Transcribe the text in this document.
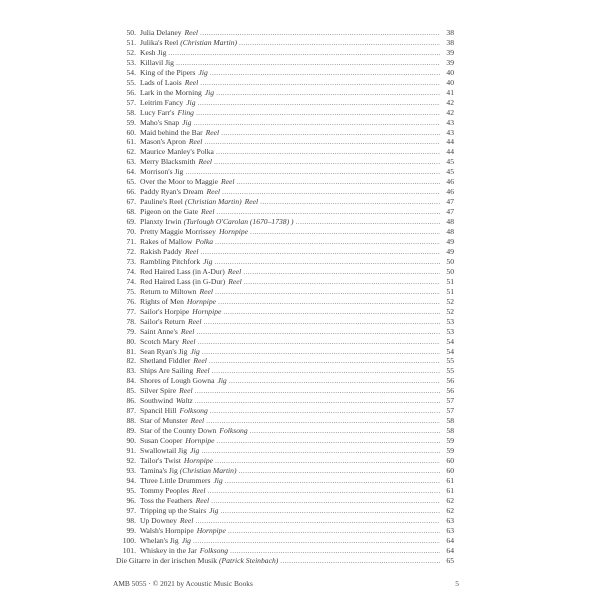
50. Julia Delaney Reel .....	38
51. Julika's Reel (Christian Martin) .....	38
52. Kesh Jig .....	39
53. Killavil Jig .....	39
54. King of the Pipers Jig .....	40
55. Lads of Laois Reel .....	40
56. Lark in the Morning Jig .....	41
57. Leitrim Fancy Jig .....	42
58. Lucy Farr's Fling .....	42
59. Maho's Snap Jig .....	43
60. Maid behind the Bar Reel .....	43
61. Mason's Apron Reel .....	44
62. Maurice Manley's Polka .....	44
63. Merry Blacksmith Reel .....	45
64. Morrison's Jig .....	45
65. Over the Moor to Maggie Reel .....	46
66. Paddy Ryan's Dream Reel .....	46
67. Pauline's Reel (Christian Martin) Reel .....	47
68. Pigeon on the Gate Reel .....	47
69. Planxty Irwin (Turlough O'Carolan (1670–1738) ) .....	48
70. Pretty Maggie Morrissey Hornpipe .....	48
71. Rakes of Mallow Polka .....	49
72. Rakish Paddy Reel .....	49
73. Rambling Pitchfork Jig .....	50
74. Red Haired Lass (in A-Dur) Reel .....	50
74. Red Haired Lass (in G-Dur) Reel .....	51
75. Return to Miltown Reel .....	51
76. Rights of Men Hornpipe .....	52
77. Sailor's Horpipe Hornpipe .....	52
78. Sailor's Return Reel .....	53
79. Saint Anne's Reel .....	53
80. Scotch Mary Reel .....	54
81. Sean Ryan's Jig Jig .....	54
82. Shetland Fiddler Reel .....	55
83. Ships Are Sailing Reel .....	55
84. Shores of Lough Gowna Jig .....	56
85. Silver Spire Reel .....	56
86. Southwind Waltz .....	57
87. Spancil Hill Folksong .....	57
88. Star of Munster Reel .....	58
89. Star of the County Down Folksong .....	58
90. Susan Cooper Hornpipe .....	59
91. Swallowtail Jig Jig .....	59
92. Tailor's Twist Hornpipe .....	60
93. Tamina's Jig (Christian Martin) .....	60
94. Three Little Drummers Jig .....	61
95. Tommy Peoples Reel .....	61
96. Toss the Feathers Reel .....	62
97. Tripping up the Stairs Jig .....	62
98. Up Downey Reel .....	63
99. Walsh's Hornpipe Hornpipe .....	63
100. Whelan's Jig Jig .....	64
101. Whiskey in the Jar Folksong .....	64
Die Gitarre in der irischen Musik (Patrick Steinbach) .....	65
AMB 5055 · © 2021 by Acoustic Music Books	5
